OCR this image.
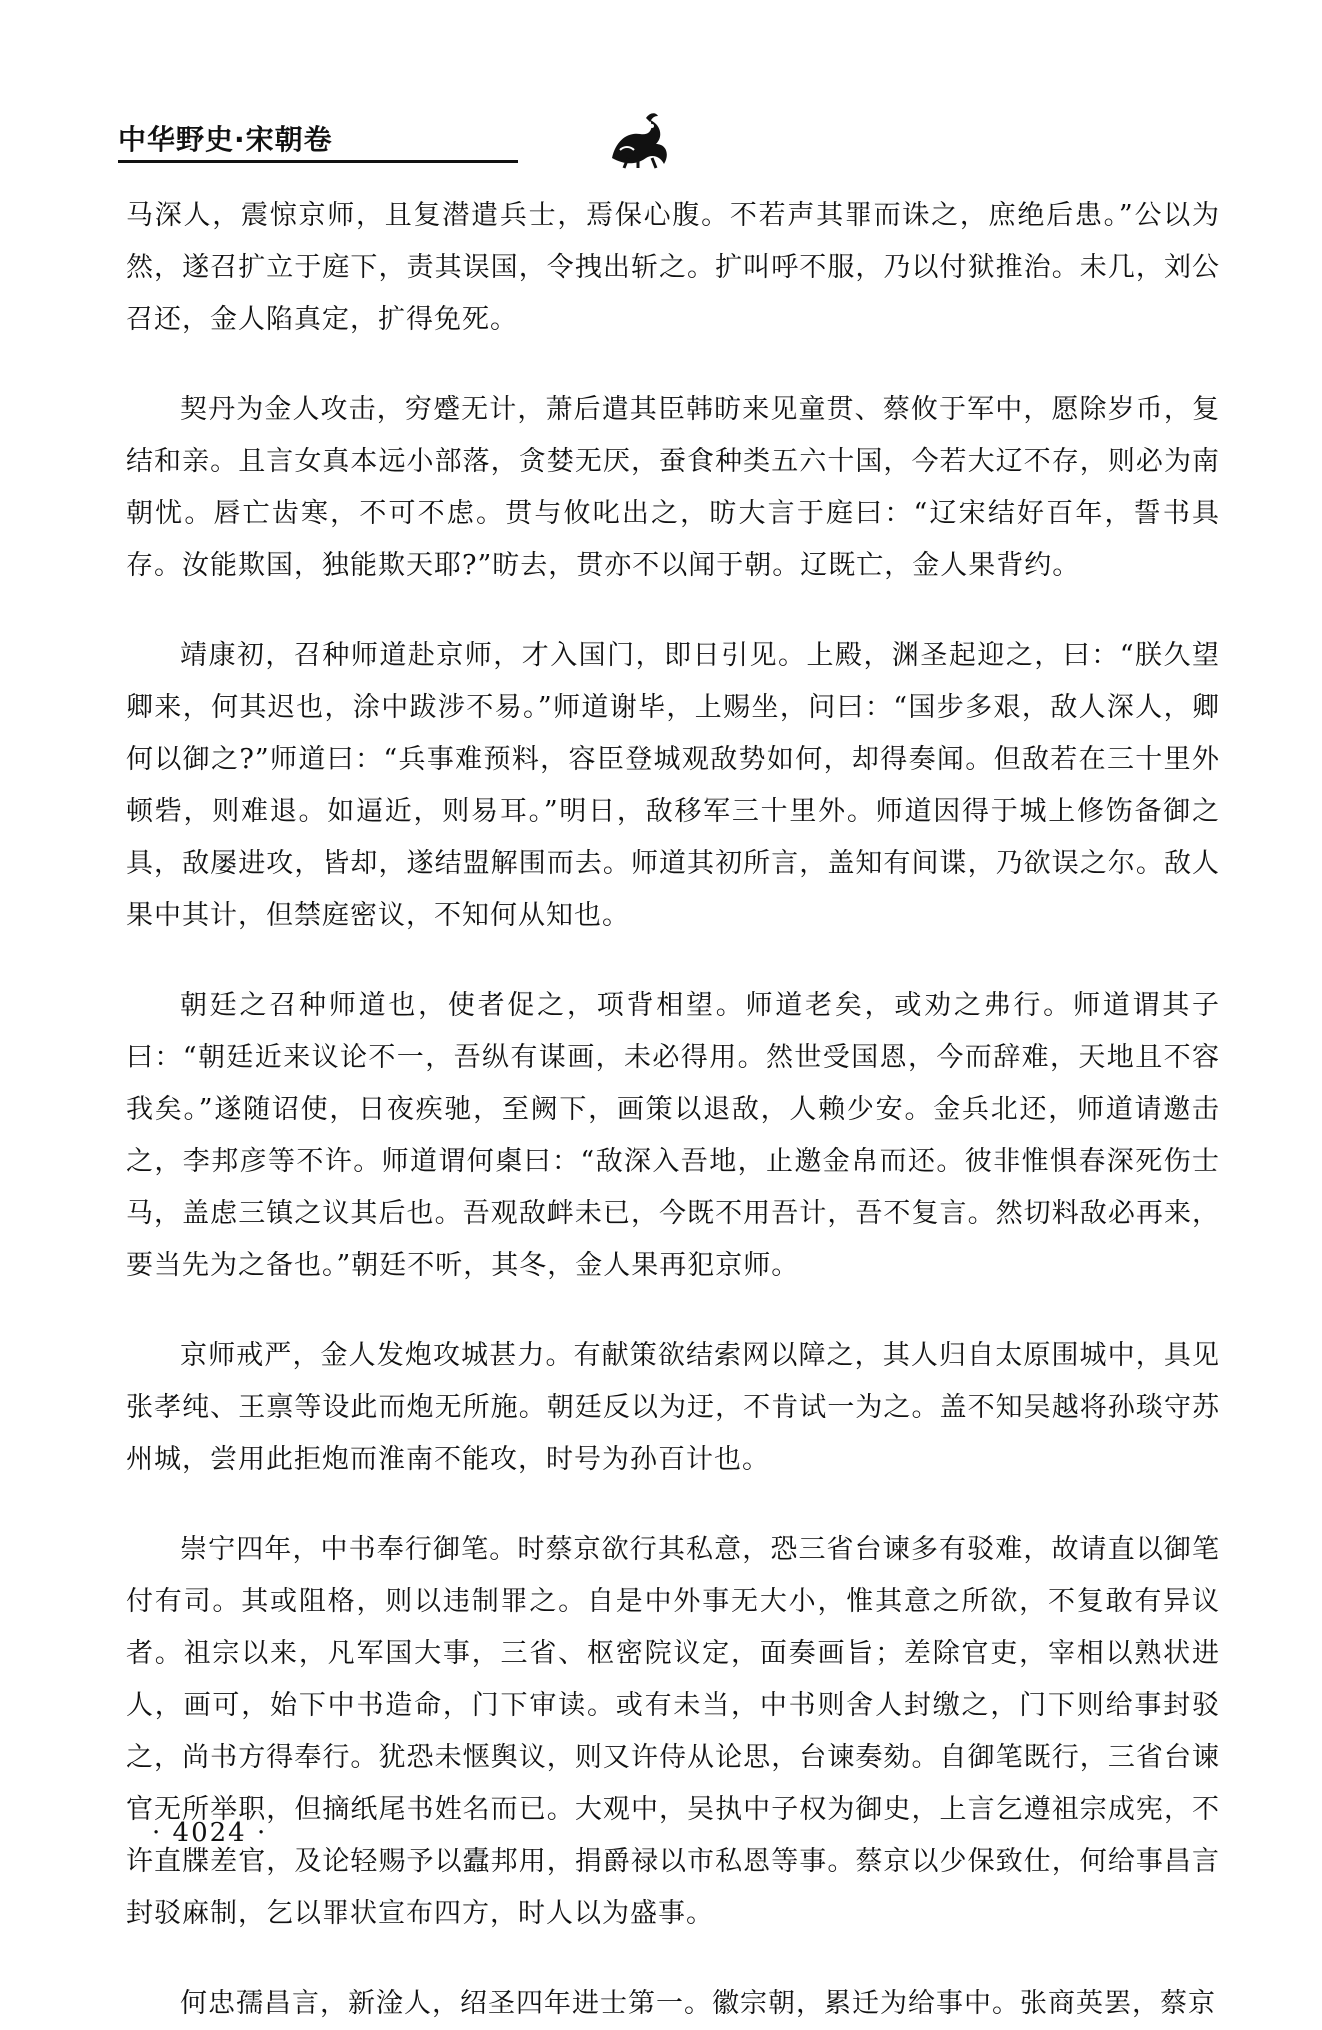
中华野史·宋朝卷

马深人，震惊京师，且复潜遣兵士，焉保心腹。不若声其罪而诛之，庶绝后患。”公以为然，遂召扩立于庭下，责其误国，令拽出斩之。扩叫呼不服，乃以付狱推治。未几，刘公召还，金人陷真定，扩得免死。

契丹为金人攻击，穷蹙无计，萧后遣其臣韩昉来见童贯、蔡攸于军中，愿除岁币，复结和亲。且言女真本远小部落，贪婪无厌，蚕食种类五六十国，今若大辽不存，则必为南朝忧。唇亡齿寒，不可不虑。贯与攸叱出之，昉大言于庭曰：“辽宋结好百年，誓书具存。汝能欺国，独能欺天耶?”昉去，贯亦不以闻于朝。辽既亡，金人果背约。

靖康初，召种师道赴京师，才入国门，即日引见。上殿，渊圣起迎之，曰：“朕久望卿来，何其迟也，涂中跋涉不易。”师道谢毕，上赐坐，问曰：“国步多艰，敌人深人，卿何以御之?”师道曰：“兵事难预料，容臣登城观敌势如何，却得奏闻。但敌若在三十里外顿砦，则难退。如逼近，则易耳。”明日，敌移军三十里外。师道因得于城上修饬备御之具，敌屡进攻，皆却，遂结盟解围而去。师道其初所言，盖知有间谍，乃欲误之尔。敌人果中其计，但禁庭密议，不知何从知也。

朝廷之召种师道也，使者促之，项背相望。师道老矣，或劝之弗行。师道谓其子曰：“朝廷近来议论不一，吾纵有谋画，未必得用。然世受国恩，今而辞难，天地且不容我矣。”遂随诏使，日夜疾驰，至阙下，画策以退敌，人赖少安。金兵北还，师道请邀击之，李邦彦等不许。师道谓何㮚曰：“敌深入吾地，止邀金帛而还。彼非惟惧春深死伤士马，盖虑三镇之议其后也。吾观敌衅未已，今既不用吾计，吾不复言。然切料敌必再来，要当先为之备也。”朝廷不听，其冬，金人果再犯京师。

京师戒严，金人发炮攻城甚力。有献策欲结索网以障之，其人归自太原围城中，具见张孝纯、王禀等设此而炮无所施。朝廷反以为迂，不肯试一为之。盖不知吴越将孙琰守苏州城，尝用此拒炮而淮南不能攻，时号为孙百计也。

崇宁四年，中书奉行御笔。时蔡京欲行其私意，恐三省台谏多有驳难，故请直以御笔付有司。其或阻格，则以违制罪之。自是中外事无大小，惟其意之所欲，不复敢有异议者。祖宗以来，凡军国大事，三省、枢密院议定，面奏画旨；差除官吏，宰相以熟状进人，画可，始下中书造命，门下审读。或有未当，中书则舍人封缴之，门下则给事封驳之，尚书方得奉行。犹恐未惬舆议，则又许侍从论思，台谏奏劾。自御笔既行，三省台谏官无所举职，但摘纸尾书姓名而已。大观中，吴执中子权为御史，上言乞遵祖宗成宪，不许直牒差官，及论轻赐予以蠹邦用，捐爵禄以市私恩等事。蔡京以少保致仕，何给事昌言封驳麻制，乞以罪状宣布四方，时人以为盛事。

何忠孺昌言，新淦人，绍圣四年进士第一。徽宗朝，累迁为给事中。张商英罢，蔡京

· 4024 ·
